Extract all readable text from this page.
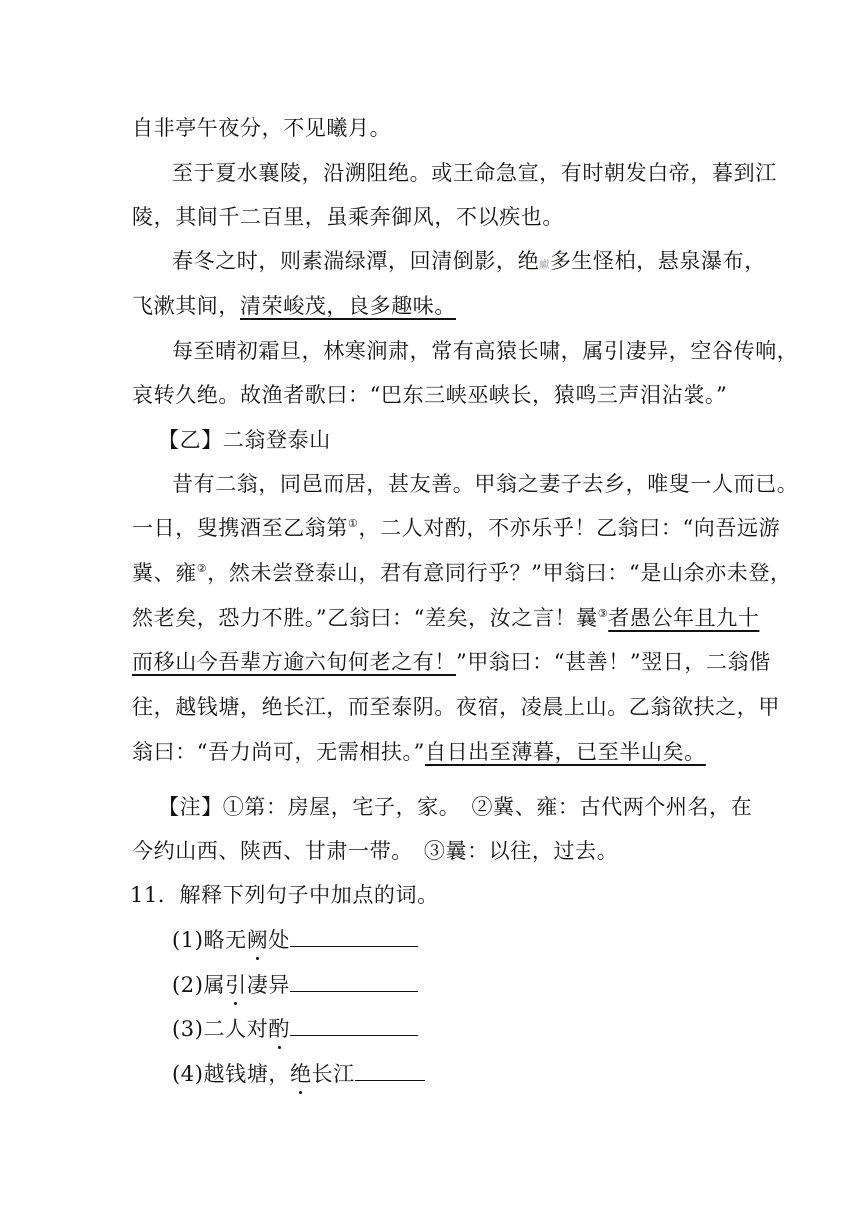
自非亭午夜分，不见曦月。
至于夏水襄陵，沿溯阻绝。或王命急宣，有时朝发白帝，暮到江
陵，其间千二百里，虽乘奔御风，不以疾也。
春冬之时，则素湍绿潭，回清倒影，绝巘多生怪柏，悬泉瀑布，
飞漱其间，清荣峻茂，良多趣味。
每至晴初霜旦，林寒涧肃，常有高猿长啸，属引凄异，空谷传响，
哀转久绝。故渔者歌曰：“巴东三峡巫峡长，猿鸣三声泪沾裳。”
【乙】二翁登泰山
昔有二翁，同邑而居，甚友善。甲翁之妻子去乡，唯叟一人而已。
一日，叟携酒至乙翁第①，二人对酌，不亦乐乎！乙翁曰：“向吾远游
冀、雍②，然未尝登泰山，君有意同行乎？”甲翁曰：“是山余亦未登，
然老矣，恐力不胜。”乙翁曰：“差矣，汝之言！曩③者愚公年且九十
而移山今吾辈方逾六旬何老之有！”甲翁曰：“甚善！”翌日，二翁偕
往，越钱塘，绝长江，而至泰阴。夜宿，凌晨上山。乙翁欲扶之，甲
翁曰：“吾力尚可，无需相扶。”自日出至薄暮，已至半山矣。
【注】①第：房屋，宅子，家。　②冀、雍：古代两个州名，在
今约山西、陕西、甘肃一带。　③曩：以往，过去。
11．解释下列句子中加点的词。
(1)略无阙处
(2)属引凄异
(3)二人对酌
(4)越钱塘，绝长江
